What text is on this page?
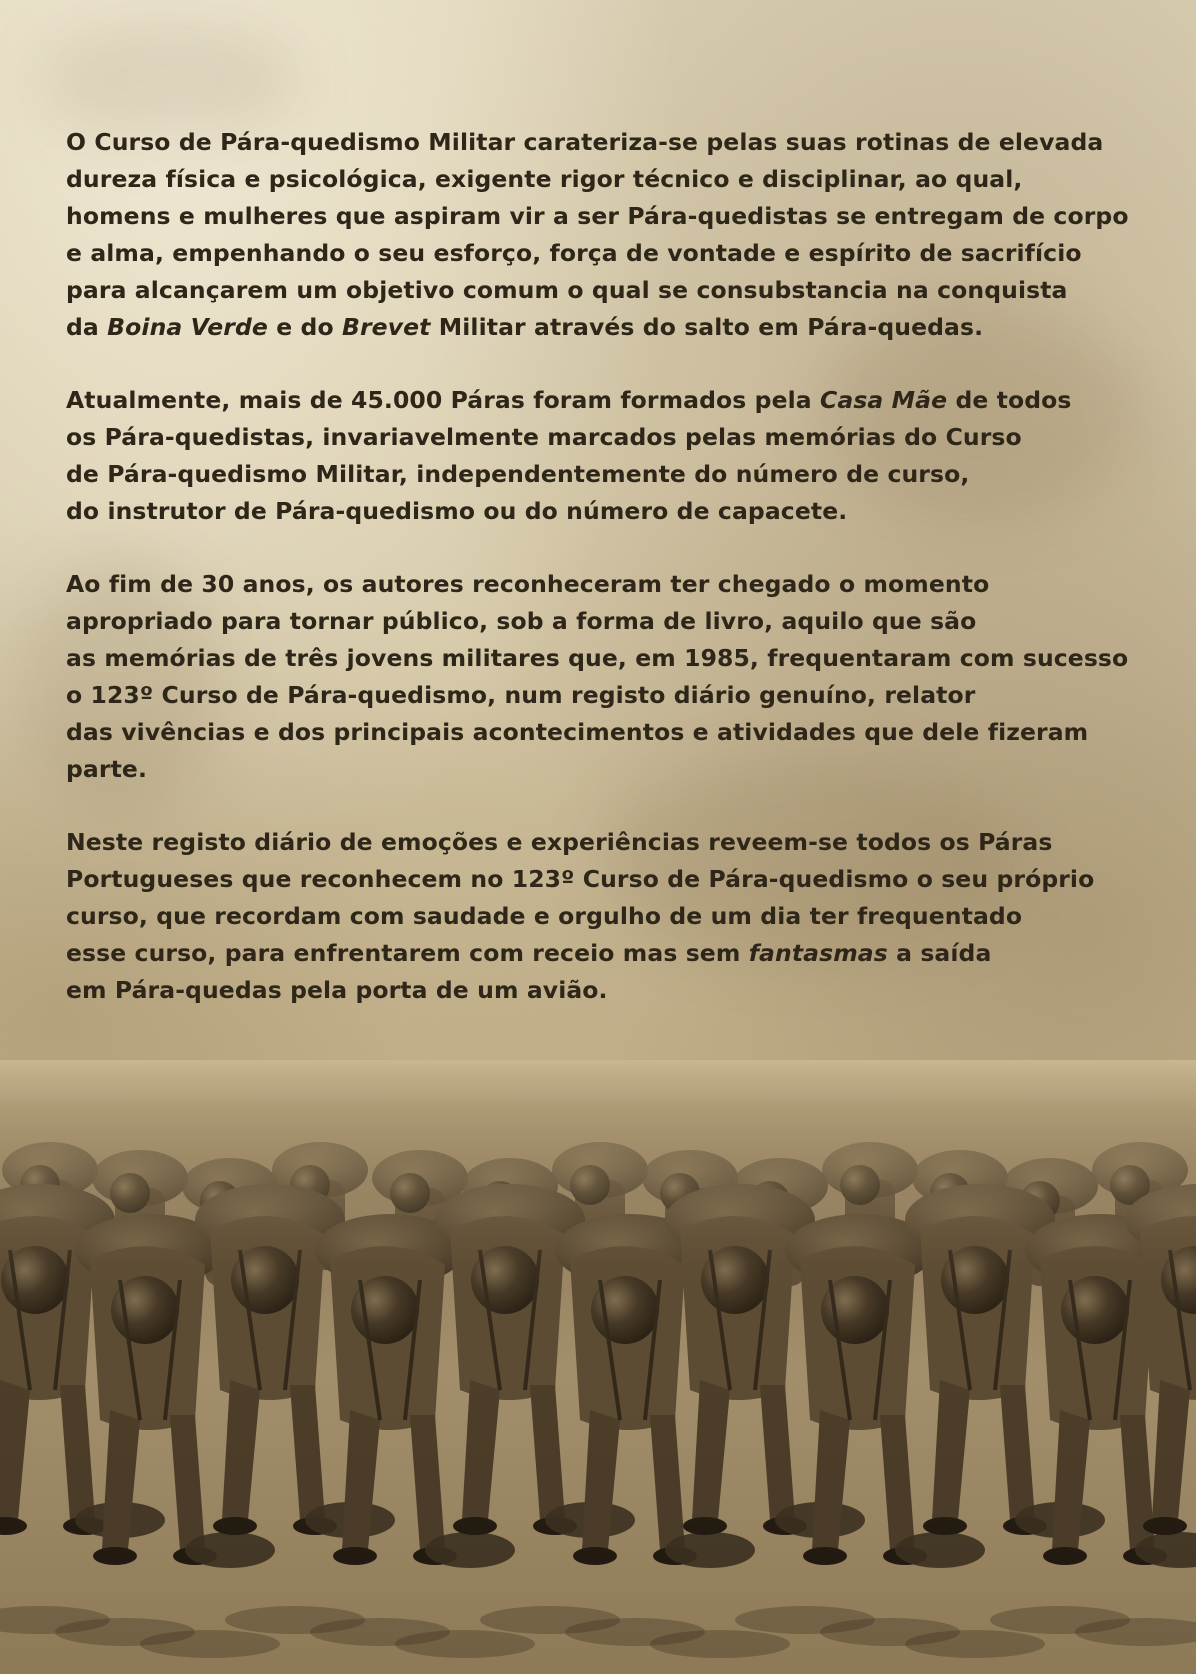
O Curso de Pára-quedismo Militar carateriza-se pelas suas rotinas de elevada
dureza física e psicológica, exigente rigor técnico e disciplinar, ao qual,
homens e mulheres que aspiram vir a ser Pára-quedistas se entregam de corpo
e alma, empenhando o seu esforço, força de vontade e espírito de sacrifício
para alcançarem um objetivo comum o qual se consubstancia na conquista
da Boina Verde e do Brevet Militar através do salto em Pára-quedas.

Atualmente, mais de 45.000 Páras foram formados pela Casa Mãe de todos
os Pára-quedistas, invariavelmente marcados pelas memórias do Curso
de Pára-quedismo Militar, independentemente do número de curso,
do instrutor de Pára-quedismo ou do número de capacete.

Ao fim de 30 anos, os autores reconheceram ter chegado o momento
apropriado para tornar público, sob a forma de livro, aquilo que são
as memórias de três jovens militares que, em 1985, frequentaram com sucesso
o 123º Curso de Pára-quedismo, num registo diário genuíno, relator
das vivências e dos principais acontecimentos e atividades que dele fizeram
parte.

Neste registo diário de emoções e experiências reveem-se todos os Páras
Portugueses que reconhecem no 123º Curso de Pára-quedismo o seu próprio
curso, que recordam com saudade e orgulho de um dia ter frequentado
esse curso, para enfrentarem com receio mas sem fantasmas a saída
em Pára-quedas pela porta de um avião.
